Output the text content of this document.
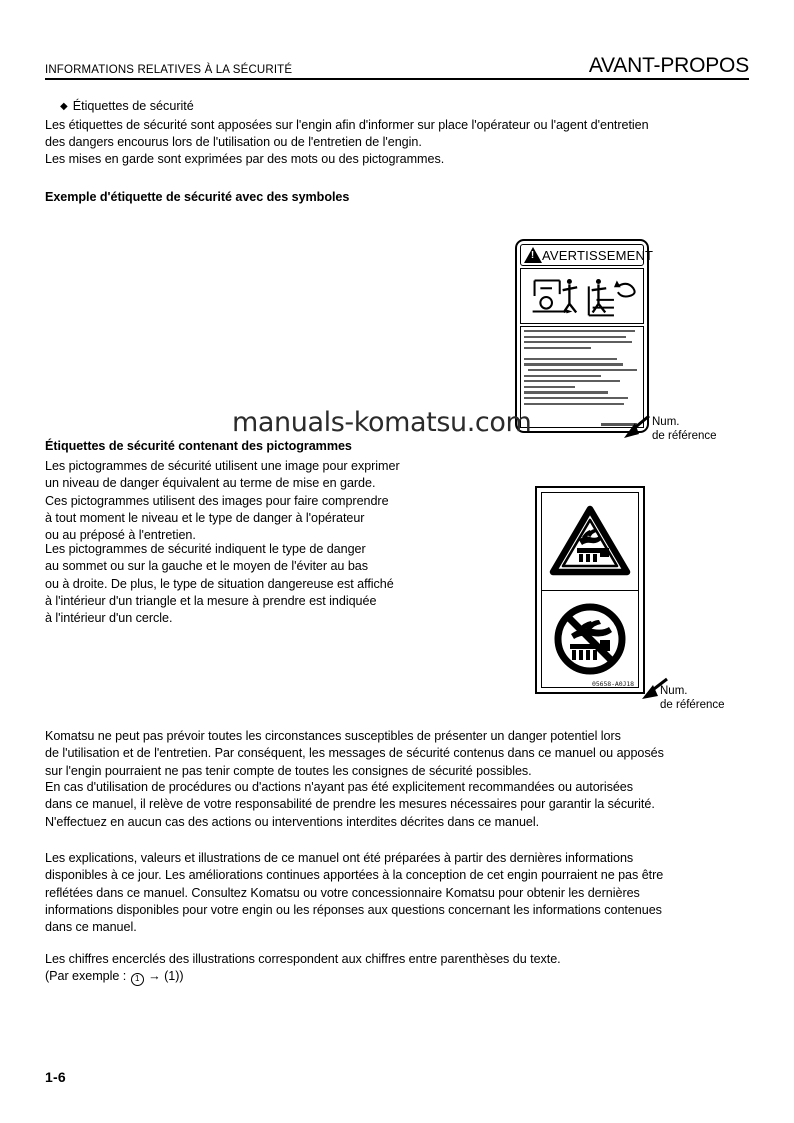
INFORMATIONS RELATIVES À LA SÉCURITÉ	AVANT-PROPOS
◆ Étiquettes de sécurité

Les étiquettes de sécurité sont apposées sur l'engin afin d'informer sur place l'opérateur ou l'agent d'entretien

des dangers encourus lors de l'utilisation ou de l'entretien de l'engin.

Les mises en garde sont exprimées par des mots ou des pictogrammes.

Exemple d'étiquette de sécurité avec des symboles
!
AVERTISSEMENT
Num.
de référence
manuals-komatsu.com
Étiquettes de sécurité contenant des pictogrammes

Les pictogrammes de sécurité utilisent une image pour exprimer

un niveau de danger équivalent au terme de mise en garde.

Ces pictogrammes utilisent des images pour faire comprendre

à tout moment le niveau et le type de danger à l'opérateur

ou au préposé à l'entretien.

Les pictogrammes de sécurité indiquent le type de danger

au sommet ou sur la gauche et le moyen de l'éviter au bas

ou à droite. De plus, le type de situation dangereuse est affiché

à l'intérieur d'un triangle et la mesure à prendre est indiquée

à l'intérieur d'un cercle.

05658-A0J18
Num.
de référence

Komatsu ne peut pas prévoir toutes les circonstances susceptibles de présenter un danger potentiel lors

de l'utilisation et de l'entretien. Par conséquent, les messages de sécurité contenus dans ce manuel ou apposés

sur l'engin pourraient ne pas tenir compte de toutes les consignes de sécurité possibles.

En cas d'utilisation de procédures ou d'actions n'ayant pas été explicitement recommandées ou autorisées

dans ce manuel, il relève de votre responsabilité de prendre les mesures nécessaires pour garantir la sécurité.

N'effectuez en aucun cas des actions ou interventions interdites décrites dans ce manuel.

Les explications, valeurs et illustrations de ce manuel ont été préparées à partir des dernières informations

disponibles à ce jour. Les améliorations continues apportées à la conception de cet engin pourraient ne pas être

reflétées dans ce manuel. Consultez Komatsu ou votre concessionnaire Komatsu pour obtenir les dernières

informations disponibles pour votre engin ou les réponses aux questions concernant les informations contenues

dans ce manuel.

Les chiffres encerclés des illustrations correspondent aux chiffres entre parenthèses du texte.

(Par exemple : 1 → (1))

1-6
